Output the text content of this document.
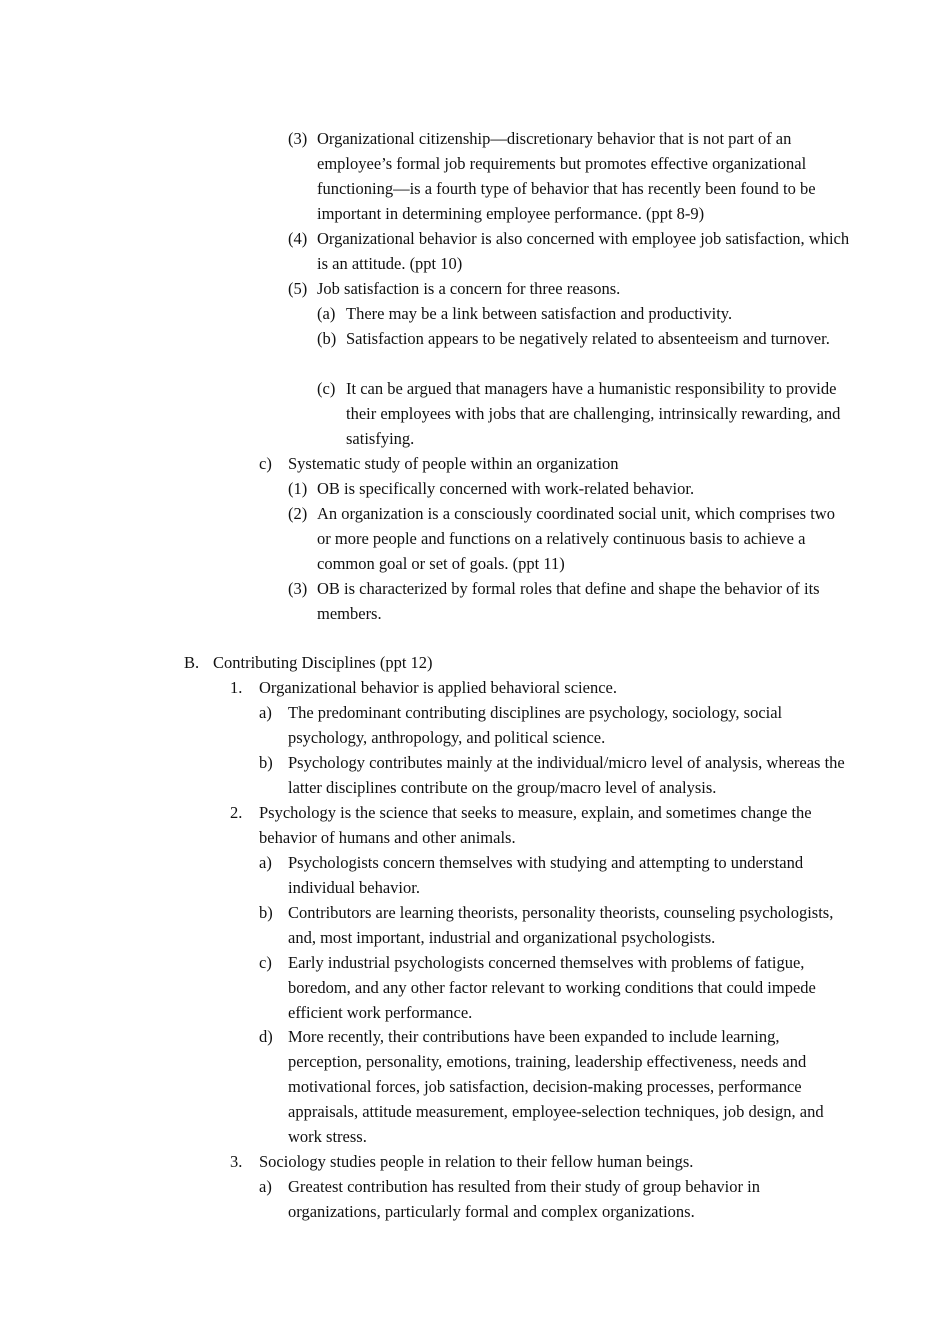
(3) Organizational citizenship—discretionary behavior that is not part of an employee’s formal job requirements but promotes effective organizational functioning—is a fourth type of behavior that has recently been found to be important in determining employee performance. (ppt 8-9)
(4) Organizational behavior is also concerned with employee job satisfaction, which is an attitude. (ppt 10)
(5) Job satisfaction is a concern for three reasons.
(a) There may be a link between satisfaction and productivity.
(b) Satisfaction appears to be negatively related to absenteeism and turnover.
(c) It can be argued that managers have a humanistic responsibility to provide their employees with jobs that are challenging, intrinsically rewarding, and satisfying.
c) Systematic study of people within an organization
(1) OB is specifically concerned with work-related behavior.
(2) An organization is a consciously coordinated social unit, which comprises two or more people and functions on a relatively continuous basis to achieve a common goal or set of goals. (ppt 11)
(3) OB is characterized by formal roles that define and shape the behavior of its members.
B. Contributing Disciplines (ppt 12)
1.	Organizational behavior is applied behavioral science.
a) The predominant contributing disciplines are psychology, sociology, social psychology, anthropology, and political science.
b) Psychology contributes mainly at the individual/micro level of analysis, whereas the latter disciplines contribute on the group/macro level of analysis.
2.	Psychology is the science that seeks to measure, explain, and sometimes change the behavior of humans and other animals.
a) Psychologists concern themselves with studying and attempting to understand individual behavior.
b) Contributors are learning theorists, personality theorists, counseling psychologists, and, most important, industrial and organizational psychologists.
c) Early industrial psychologists concerned themselves with problems of fatigue, boredom, and any other factor relevant to working conditions that could impede efficient work performance.
d) More recently, their contributions have been expanded to include learning, perception, personality, emotions, training, leadership effectiveness, needs and motivational forces, job satisfaction, decision-making processes, performance appraisals, attitude measurement, employee-selection techniques, job design, and work stress.
3.	Sociology studies people in relation to their fellow human beings.
a) Greatest contribution has resulted from their study of group behavior in organizations, particularly formal and complex organizations.
